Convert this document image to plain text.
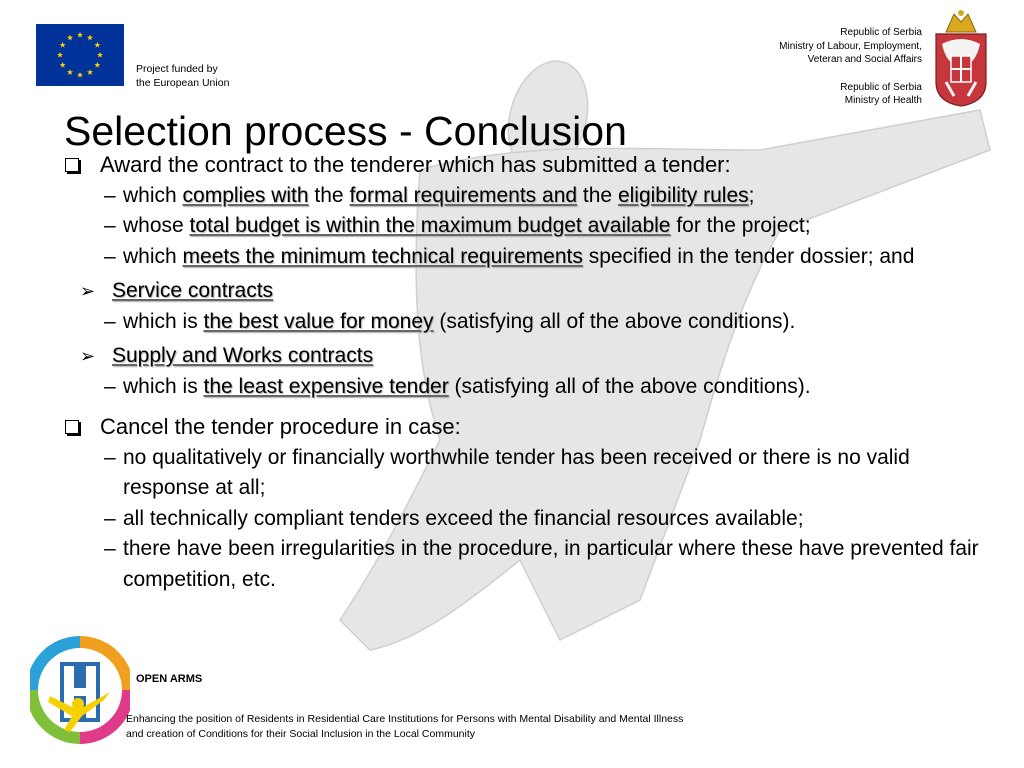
Project funded by
the European Union
Republic of Serbia
Ministry of Labour, Employment,
Veteran and Social Affairs
Republic of Serbia
Ministry of Health
Selection process - Conclusion
Award the contract to the tenderer which has submitted a tender:
– which complies with the formal requirements and the eligibility rules;
– whose total budget is within the maximum budget available for the project;
– which meets the minimum technical requirements specified in the tender dossier; and
➢ Service contracts
– which is the best value for money (satisfying all of the above conditions).
➢ Supply and Works contracts
– which is the least expensive tender (satisfying all of the above conditions).
Cancel the tender procedure in case:
– no qualitatively or financially worthwhile tender has been received or there is no valid response at all;
– all technically compliant tenders exceed the financial resources available;
– there have been irregularities in the procedure, in particular where these have prevented fair competition, etc.
OPEN ARMS
Enhancing the position of Residents in Residential Care Institutions for Persons with Mental Disability and Mental Illness
and creation of Conditions for their Social Inclusion in the Local Community
